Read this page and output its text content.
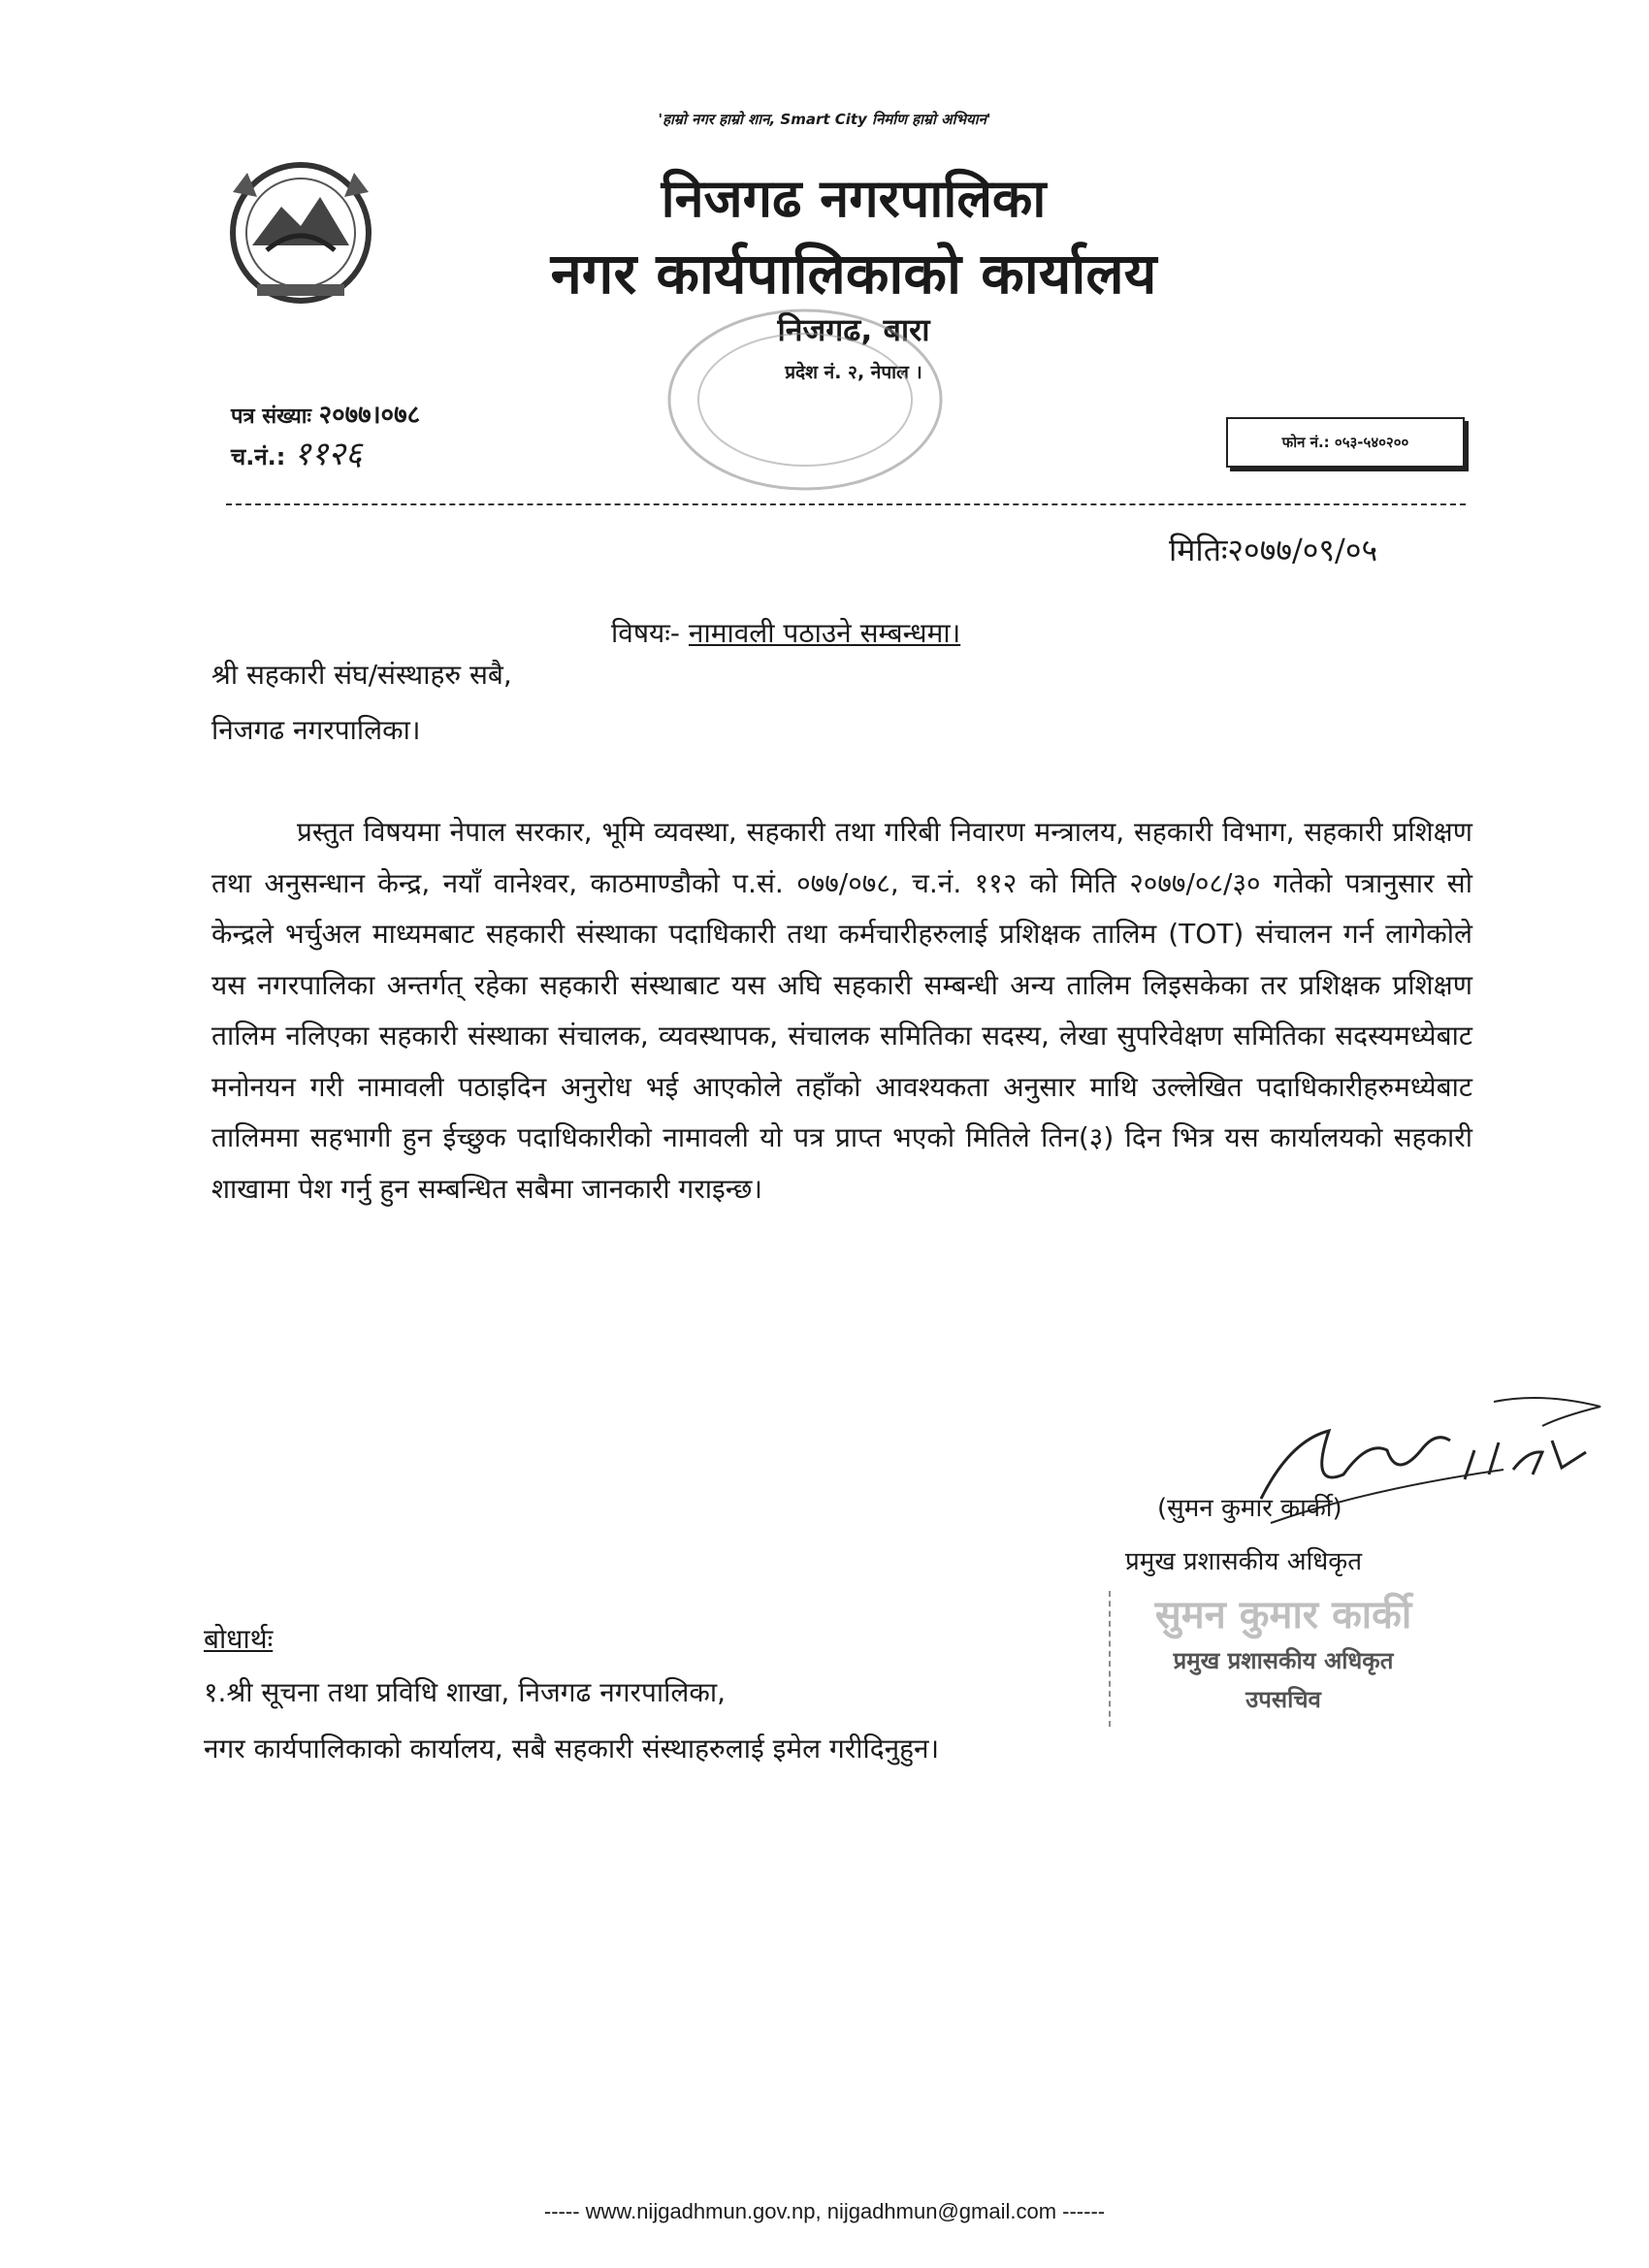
'हाम्रो नगर हाम्रो शान, Smart City निर्माण हाम्रो अभियान'
निजगढ नगरपालिका
नगर कार्यपालिकाको कार्यालय
निजगढ, बारा
प्रदेश नं. २, नेपाल ।
पत्र संख्याः २०७७।०७८
च.नं.: ११२६	फोन नं.: ०५३-५४०२००
मितिः२०७७/०९/०५
विषयः- नामावली पठाउने सम्बन्धमा।
श्री सहकारी संघ/संस्थाहरु सबै,
निजगढ नगरपालिका।
प्रस्तुत विषयमा नेपाल सरकार, भूमि व्यवस्था, सहकारी तथा गरिबी निवारण मन्त्रालय, सहकारी विभाग, सहकारी प्रशिक्षण तथा अनुसन्धान केन्द्र, नयाँ वानेश्वर, काठमाण्डौको प.सं. ०७७/०७८, च.नं. ११२ को मिति २०७७/०८/३० गतेको पत्रानुसार सो केन्द्रले भर्चुअल माध्यमबाट सहकारी संस्थाका पदाधिकारी तथा कर्मचारीहरुलाई प्रशिक्षक तालिम (TOT) संचालन गर्न लागेकोले यस नगरपालिका अन्तर्गत् रहेका सहकारी संस्थाबाट यस अघि सहकारी सम्बन्धी अन्य तालिम लिइसकेका तर प्रशिक्षक प्रशिक्षण तालिम नलिएका सहकारी संस्थाका संचालक, व्यवस्थापक, संचालक समितिका सदस्य, लेखा सुपरिवेक्षण समितिका सदस्यमध्येबाट मनोनयन गरी नामावली पठाइदिन अनुरोध भई आएकोले तहाँको आवश्यकता अनुसार माथि उल्लेखित पदाधिकारीहरुमध्येबाट तालिममा सहभागी हुन ईच्छुक पदाधिकारीको नामावली यो पत्र प्राप्त भएको मितिले तिन(३) दिन भित्र यस कार्यालयको सहकारी शाखामा पेश गर्नु हुन सम्बन्धित सबैमा जानकारी गराइन्छ।
(सुमन कुमार कार्की)
प्रमुख प्रशासकीय अधिकृत
सुमन कुमार कार्की
प्रमुख प्रशासकीय अधिकृत
उपसचिव
बोधार्थः
१.श्री सूचना तथा प्रविधि शाखा, निजगढ नगरपालिका,
नगर कार्यपालिकाको कार्यालय, सबै सहकारी संस्थाहरुलाई इमेल गरीदिनुहुन।
----- www.nijgadhmun.gov.np, nijgadhmun@gmail.com ------
